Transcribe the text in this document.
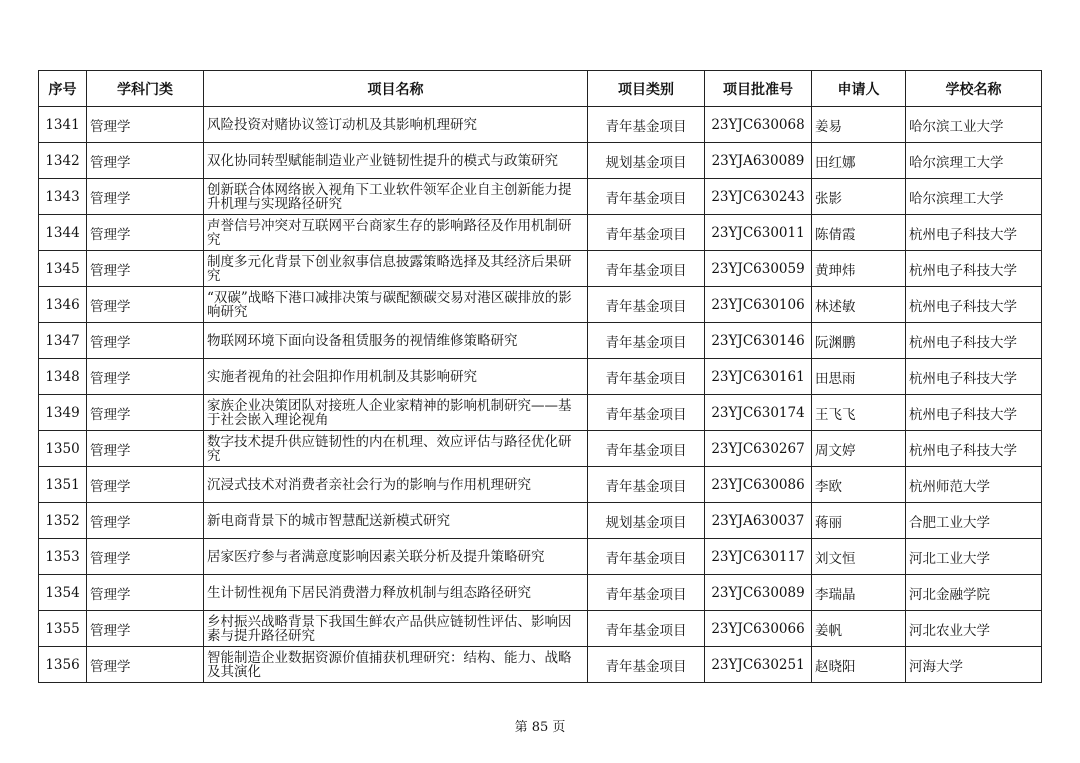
序号	学科门类	项目名称	项目类别	项目批准号	申请人	学校名称
1341	管理学	风险投资对赌协议签订动机及其影响机理研究	青年基金项目	23YJC630068	姜易	哈尔滨工业大学
1342	管理学	双化协同转型赋能制造业产业链韧性提升的模式与政策研究	规划基金项目	23YJA630089	田红娜	哈尔滨理工大学
1343	管理学	创新联合体网络嵌入视角下工业软件领军企业自主创新能力提升机理与实现路径研究	青年基金项目	23YJC630243	张影	哈尔滨理工大学
1344	管理学	声誉信号冲突对互联网平台商家生存的影响路径及作用机制研究	青年基金项目	23YJC630011	陈倩霞	杭州电子科技大学
1345	管理学	制度多元化背景下创业叙事信息披露策略选择及其经济后果研究	青年基金项目	23YJC630059	黄珅炜	杭州电子科技大学
1346	管理学	“双碳”战略下港口减排决策与碳配额碳交易对港区碳排放的影响研究	青年基金项目	23YJC630106	林述敏	杭州电子科技大学
1347	管理学	物联网环境下面向设备租赁服务的视情维修策略研究	青年基金项目	23YJC630146	阮渊鹏	杭州电子科技大学
1348	管理学	实施者视角的社会阻抑作用机制及其影响研究	青年基金项目	23YJC630161	田思雨	杭州电子科技大学
1349	管理学	家族企业决策团队对接班人企业家精神的影响机制研究——基于社会嵌入理论视角	青年基金项目	23YJC630174	王飞飞	杭州电子科技大学
1350	管理学	数字技术提升供应链韧性的内在机理、效应评估与路径优化研究	青年基金项目	23YJC630267	周文婷	杭州电子科技大学
1351	管理学	沉浸式技术对消费者亲社会行为的影响与作用机理研究	青年基金项目	23YJC630086	李欧	杭州师范大学
1352	管理学	新电商背景下的城市智慧配送新模式研究	规划基金项目	23YJA630037	蒋丽	合肥工业大学
1353	管理学	居家医疗参与者满意度影响因素关联分析及提升策略研究	青年基金项目	23YJC630117	刘文恒	河北工业大学
1354	管理学	生计韧性视角下居民消费潜力释放机制与组态路径研究	青年基金项目	23YJC630089	李瑞晶	河北金融学院
1355	管理学	乡村振兴战略背景下我国生鲜农产品供应链韧性评估、影响因素与提升路径研究	青年基金项目	23YJC630066	姜帆	河北农业大学
1356	管理学	智能制造企业数据资源价值捕获机理研究：结构、能力、战略及其演化	青年基金项目	23YJC630251	赵晓阳	河海大学
第 85 页
